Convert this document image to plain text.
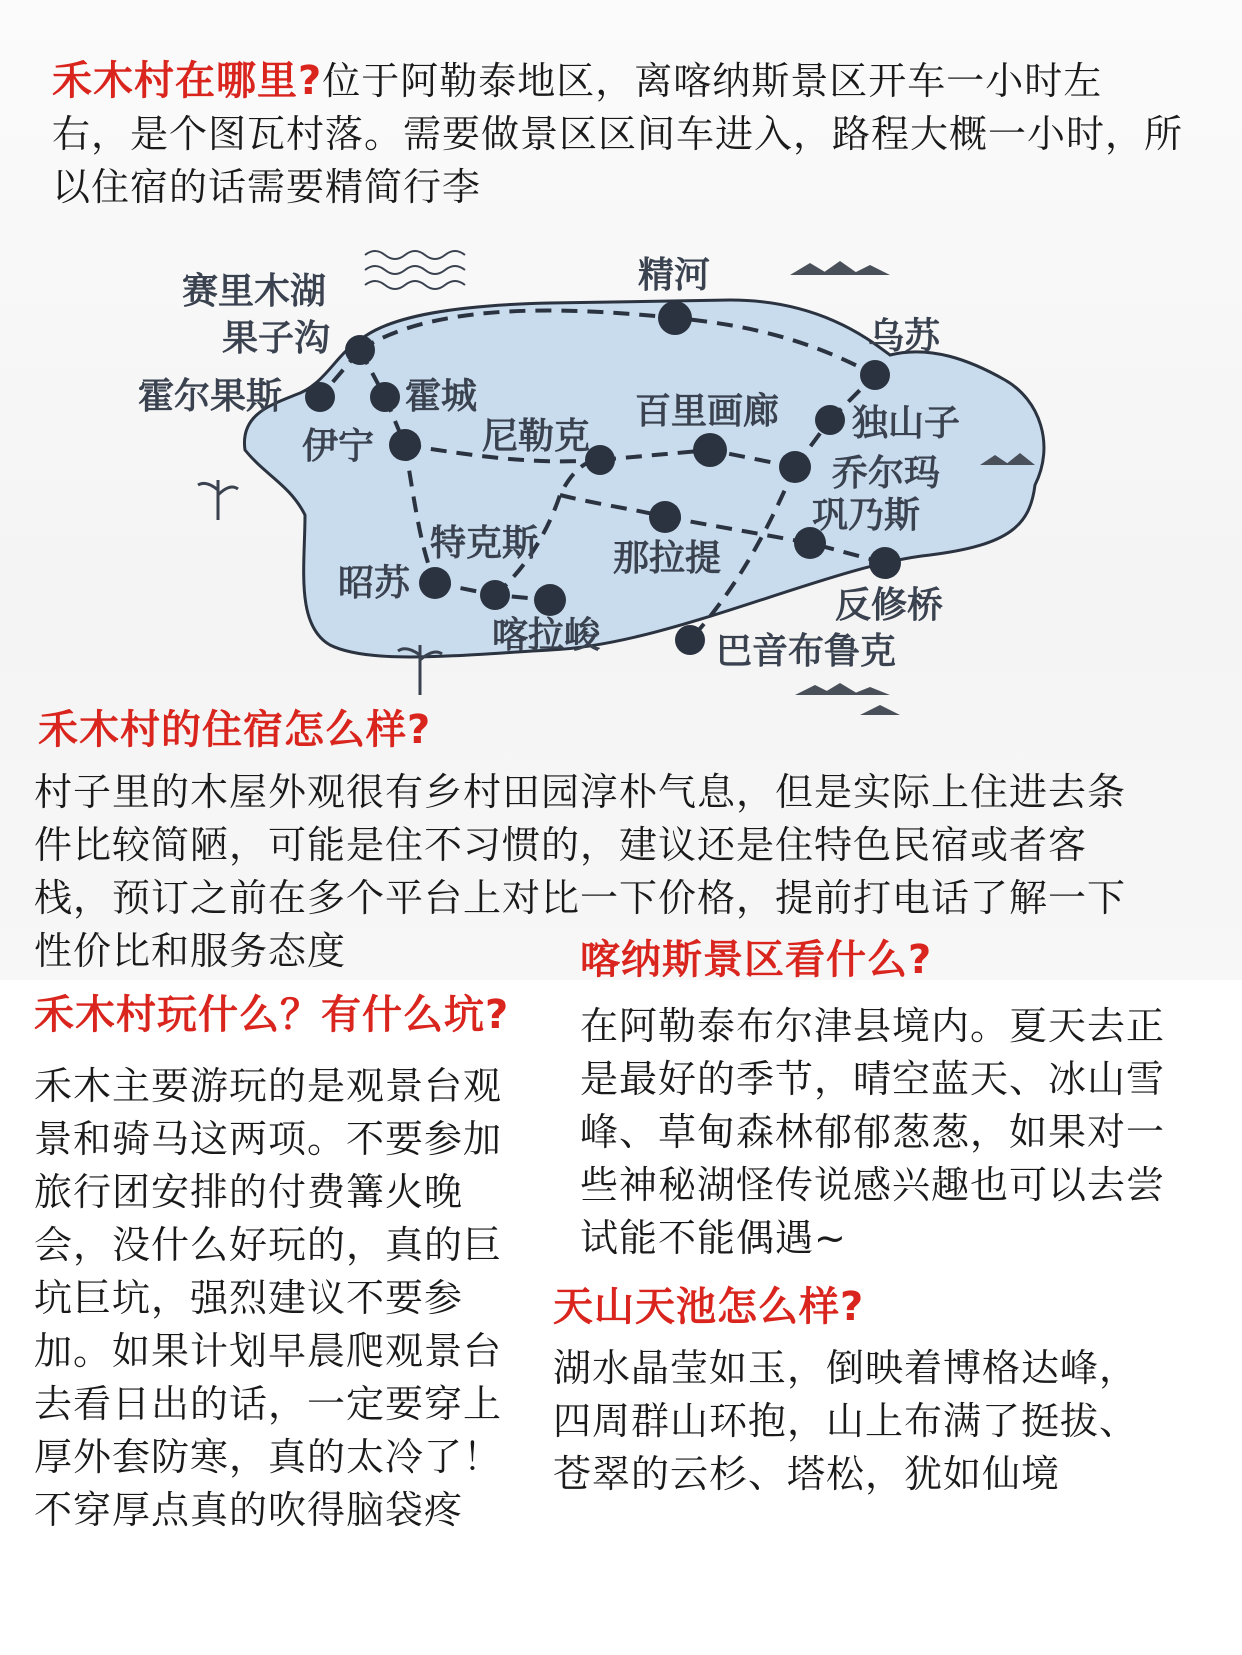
禾木村在哪里?位于阿勒泰地区，离喀纳斯景区开车一小时左
右，是个图瓦村落。需要做景区区间车进入，路程大概一小时，所
以住宿的话需要精简行李
赛里木湖	精河
果子沟	乌苏
霍尔果斯	霍城	百里画廊 独山子
伊宁	尼勒克
乔尔玛
巩乃斯
特克斯 那拉提
昭苏
反修桥
喀拉峻	巴音布鲁克
禾木村的住宿怎么样?
村子里的木屋外观很有乡村田园淳朴气息，但是实际上住进去条
件比较简陋，可能是住不习惯的，建议还是住特色民宿或者客
栈，预订之前在多个平台上对比一下价格，提前打电话了解一下
性价比和服务态度
禾木村玩什么？有什么坑?
禾木主要游玩的是观景台观
景和骑马这两项。不要参加
旅行团安排的付费篝火晚
会，没什么好玩的，真的巨
坑巨坑，强烈建议不要参
加。如果计划早晨爬观景台
去看日出的话，一定要穿上
厚外套防寒，真的太冷了！
不穿厚点真的吹得脑袋疼
喀纳斯景区看什么?
在阿勒泰布尔津县境内。夏天去正
是最好的季节，晴空蓝天、冰山雪
峰、草甸森林郁郁葱葱，如果对一
些神秘湖怪传说感兴趣也可以去尝
试能不能偶遇~
天山天池怎么样?
湖水晶莹如玉，倒映着博格达峰，
四周群山环抱，山上布满了挺拔、
苍翠的云杉、塔松，犹如仙境
